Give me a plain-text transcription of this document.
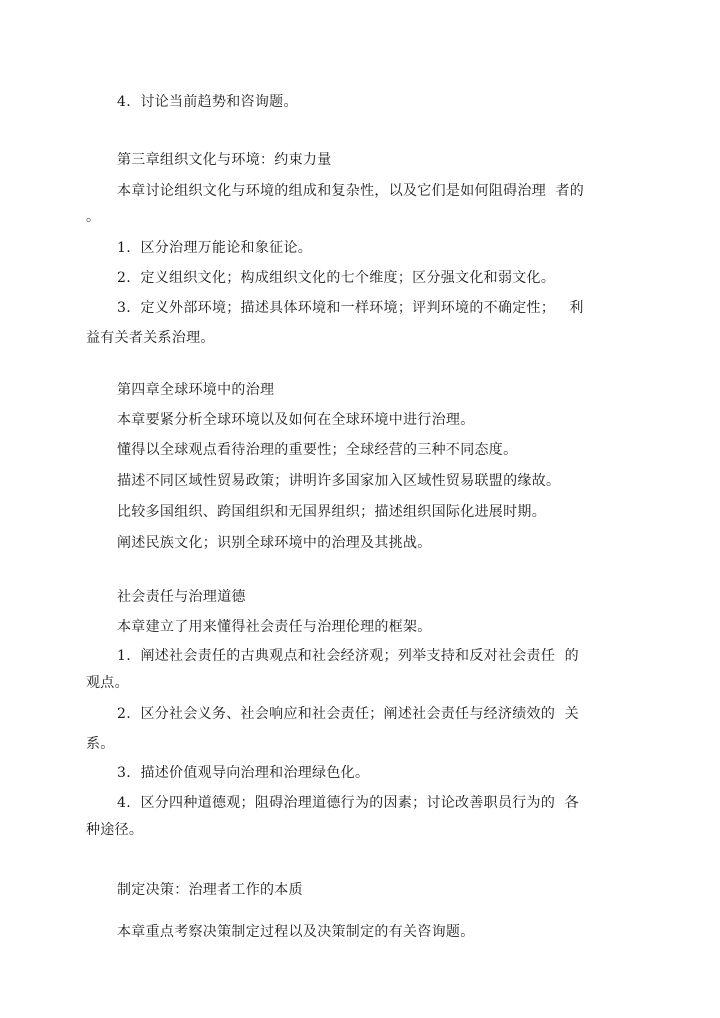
4.  讨论当前趋势和咨询题。
第三章组织文化与环境：约束力量
本章讨论组织文化与环境的组成和复杂性，以及它们是如何阻碍治理  者的
。
1.  区分治理万能论和象征论。
2.  定义组织文化；构成组织文化的七个维度；区分强文化和弱文化。
3.  定义外部环境；描述具体环境和一样环境；评判环境的不确定性；   利
益有关者关系治理。
第四章全球环境中的治理
本章要紧分析全球环境以及如何在全球环境中进行治理。
懂得以全球观点看待治理的重要性；全球经营的三种不同态度。
描述不同区域性贸易政策；讲明许多国家加入区域性贸易联盟的缘故。
比较多国组织、跨国组织和无国界组织；描述组织国际化进展时期。
阐述民族文化；识别全球环境中的治理及其挑战。
社会责任与治理道德
本章建立了用来懂得社会责任与治理伦理的框架。
1.  阐述社会责任的古典观点和社会经济观；列举支持和反对社会责任  的
观点。
2.  区分社会义务、社会响应和社会责任；阐述社会责任与经济绩效的  关
系。
3.  描述价值观导向治理和治理绿色化。
4.  区分四种道德观；阻碍治理道德行为的因素；讨论改善职员行为的  各
种途径。
制定决策：治理者工作的本质
本章重点考察决策制定过程以及决策制定的有关咨询题。
